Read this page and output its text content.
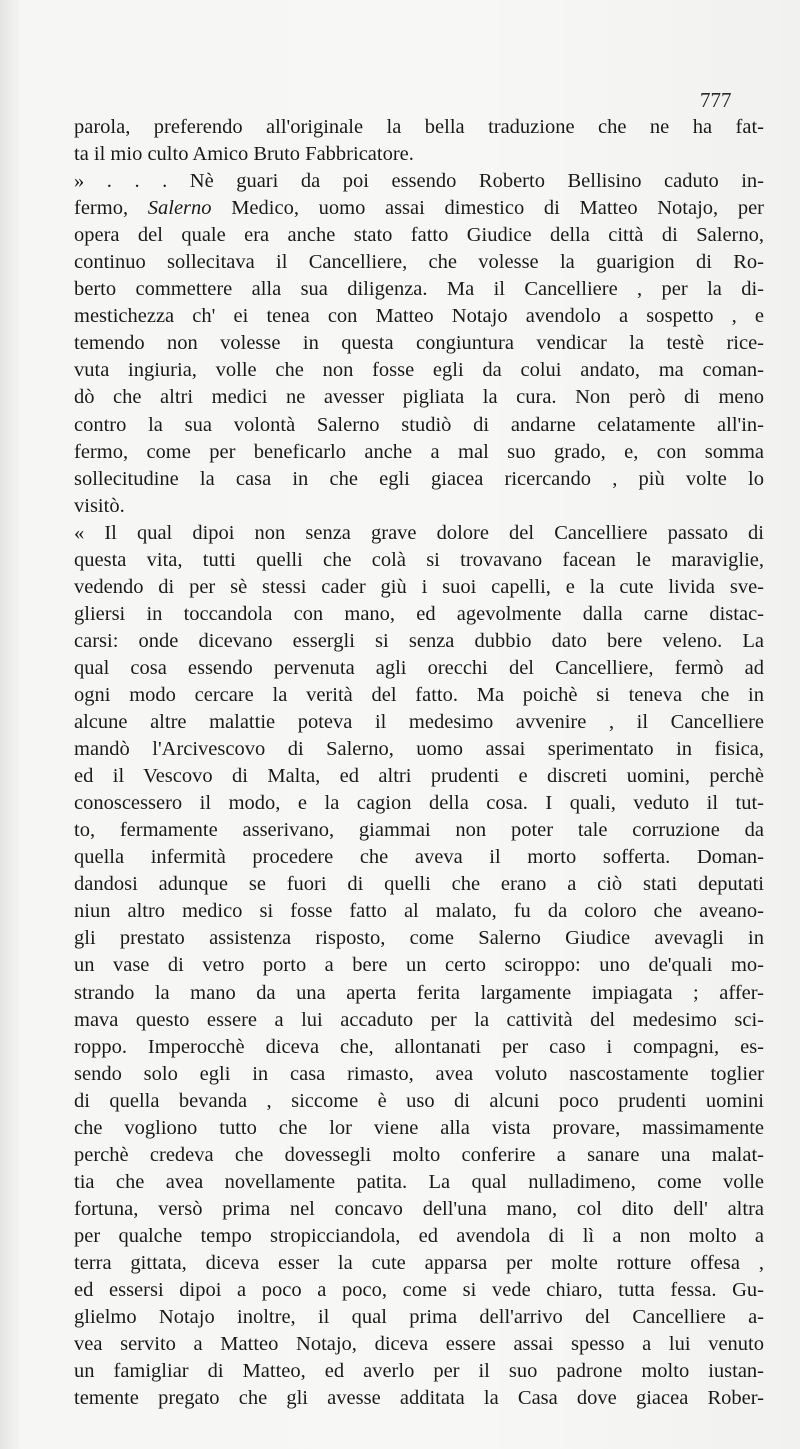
777
parola, preferendo all'originale la bella traduzione che ne ha fat-
ta il mio culto Amico Bruto Fabbricatore.
» . . . Nè guari da poi essendo Roberto Bellisino caduto in-
fermo, Salerno Medico, uomo assai dimestico di Matteo Notajo, per
opera del quale era anche stato fatto Giudice della città di Salerno,
continuo sollecitava il Cancelliere, che volesse la guarigion di Ro-
berto commettere alla sua diligenza. Ma il Cancelliere , per la di-
mestichezza ch' ei tenea con Matteo Notajo avendolo a sospetto , e
temendo non volesse in questa congiuntura vendicar la testè rice-
vuta ingiuria, volle che non fosse egli da colui andato, ma coman-
dò che altri medici ne avesser pigliata la cura. Non però di meno
contro la sua volontà Salerno studiò di andarne celatamente all'in-
fermo, come per beneficarlo anche a mal suo grado, e, con somma
sollecitudine la casa in che egli giacea ricercando , più volte lo
visitò.
« Il qual dipoi non senza grave dolore del Cancelliere passato di
questa vita, tutti quelli che colà si trovavano facean le maraviglie,
vedendo di per sè stessi cader giù i suoi capelli, e la cute livida sve-
gliersi in toccandola con mano, ed agevolmente dalla carne distac-
carsi: onde dicevano essergli si senza dubbio dato bere veleno. La
qual cosa essendo pervenuta agli orecchi del Cancelliere, fermò ad
ogni modo cercare la verità del fatto. Ma poichè si teneva che in
alcune altre malattie poteva il medesimo avvenire , il Cancelliere
mandò l'Arcivescovo di Salerno, uomo assai sperimentato in fisica,
ed il Vescovo di Malta, ed altri prudenti e discreti uomini, perchè
conoscessero il modo, e la cagion della cosa. I quali, veduto il tut-
to, fermamente asserivano, giammai non poter tale corruzione da
quella infermità procedere che aveva il morto sofferta. Doman-
dandosi adunque se fuori di quelli che erano a ciò stati deputati
niun altro medico si fosse fatto al malato, fu da coloro che aveano-
gli prestato assistenza risposto, come Salerno Giudice avevagli in
un vase di vetro porto a bere un certo sciroppo: uno de'quali mo-
strando la mano da una aperta ferita largamente impiagata ; affer-
mava questo essere a lui accaduto per la cattività del medesimo sci-
roppo. Imperocchè diceva che, allontanati per caso i compagni, es-
sendo solo egli in casa rimasto, avea voluto nascostamente toglier
di quella bevanda , siccome è uso di alcuni poco prudenti uomini
che vogliono tutto che lor viene alla vista provare, massimamente
perchè credeva che dovessegli molto conferire a sanare una malat-
tia che avea novellamente patita. La qual nulladimeno, come volle
fortuna, versò prima nel concavo dell'una mano, col dito dell' altra
per qualche tempo stropicciandola, ed avendola di lì a non molto a
terra gittata, diceva esser la cute apparsa per molte rotture offesa ,
ed essersi dipoi a poco a poco, come si vede chiaro, tutta fessa. Gu-
glielmo Notajo inoltre, il qual prima dell'arrivo del Cancelliere a-
vea servito a Matteo Notajo, diceva essere assai spesso a lui venuto
un famigliar di Matteo, ed averlo per il suo padrone molto iustan-
temente pregato che gli avesse additata la Casa dove giacea Rober-
